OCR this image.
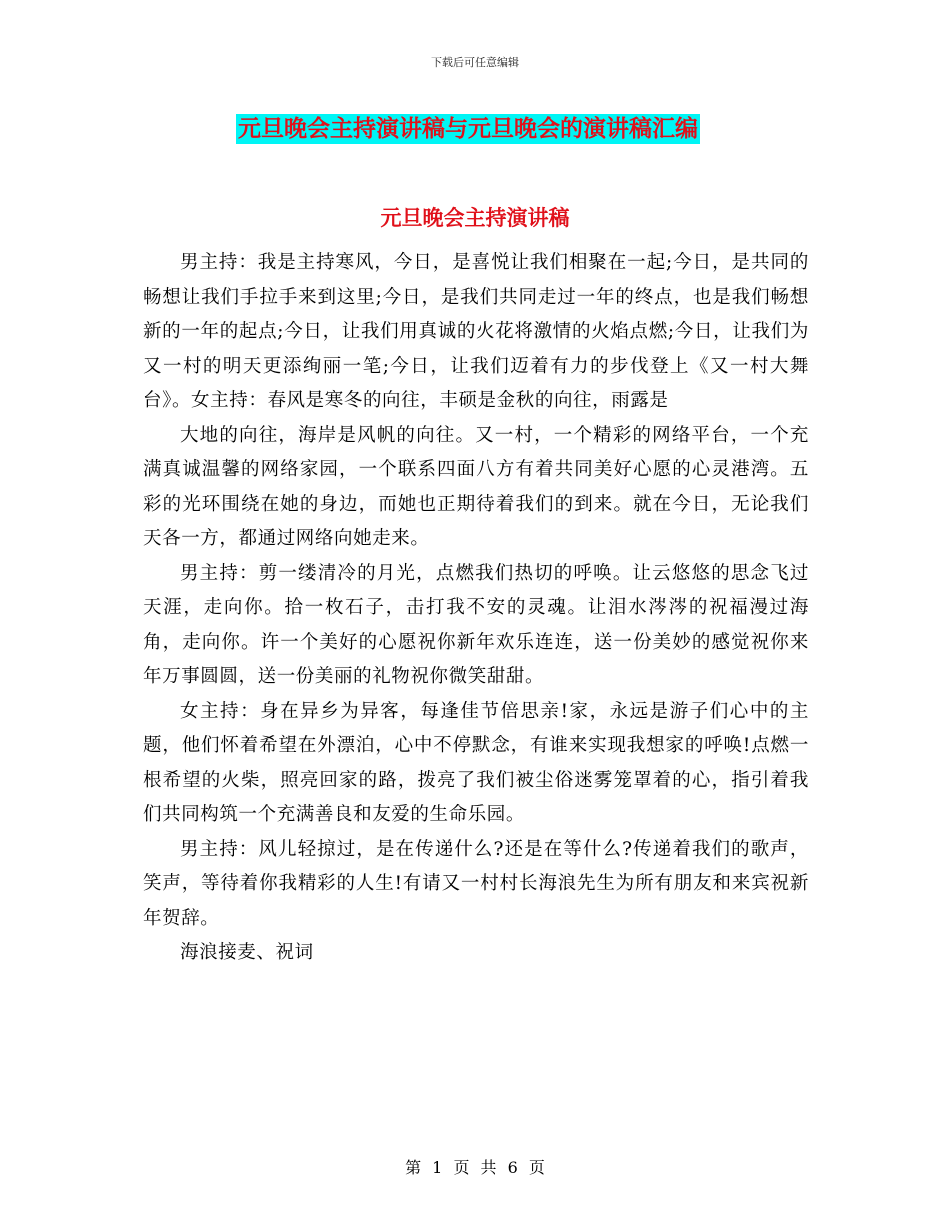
下载后可任意编辑
元旦晚会主持演讲稿与元旦晚会的演讲稿汇编
元旦晚会主持演讲稿

男主持：我是主持寒风，今日，是喜悦让我们相聚在一起;今日，是共同的畅想让我们手拉手来到这里;今日，是我们共同走过一年的终点，也是我们畅想新的一年的起点;今日，让我们用真诚的火花将激情的火焰点燃;今日，让我们为又一村的明天更添绚丽一笔;今日，让我们迈着有力的步伐登上《又一村大舞台》。女主持：春风是寒冬的向往，丰硕是金秋的向往，雨露是

大地的向往，海岸是风帆的向往。又一村，一个精彩的网络平台，一个充满真诚温馨的网络家园，一个联系四面八方有着共同美好心愿的心灵港湾。五彩的光环围绕在她的身边，而她也正期待着我们的到来。就在今日，无论我们天各一方，都通过网络向她走来。

男主持：剪一缕清冷的月光，点燃我们热切的呼唤。让云悠悠的思念飞过天涯，走向你。拾一枚石子，击打我不安的灵魂。让泪水涔涔的祝福漫过海角，走向你。许一个美好的心愿祝你新年欢乐连连，送一份美妙的感觉祝你来年万事圆圆，送一份美丽的礼物祝你微笑甜甜。

女主持：身在异乡为异客，每逢佳节倍思亲!家，永远是游子们心中的主题，他们怀着希望在外漂泊，心中不停默念，有谁来实现我想家的呼唤!点燃一根希望的火柴，照亮回家的路，拨亮了我们被尘俗迷雾笼罩着的心，指引着我们共同构筑一个充满善良和友爱的生命乐园。

男主持：风儿轻掠过，是在传递什么?还是在等什么?传递着我们的歌声，笑声，等待着你我精彩的人生!有请又一村村长海浪先生为所有朋友和来宾祝新年贺辞。

海浪接麦、祝词

第 1 页 共 6 页
